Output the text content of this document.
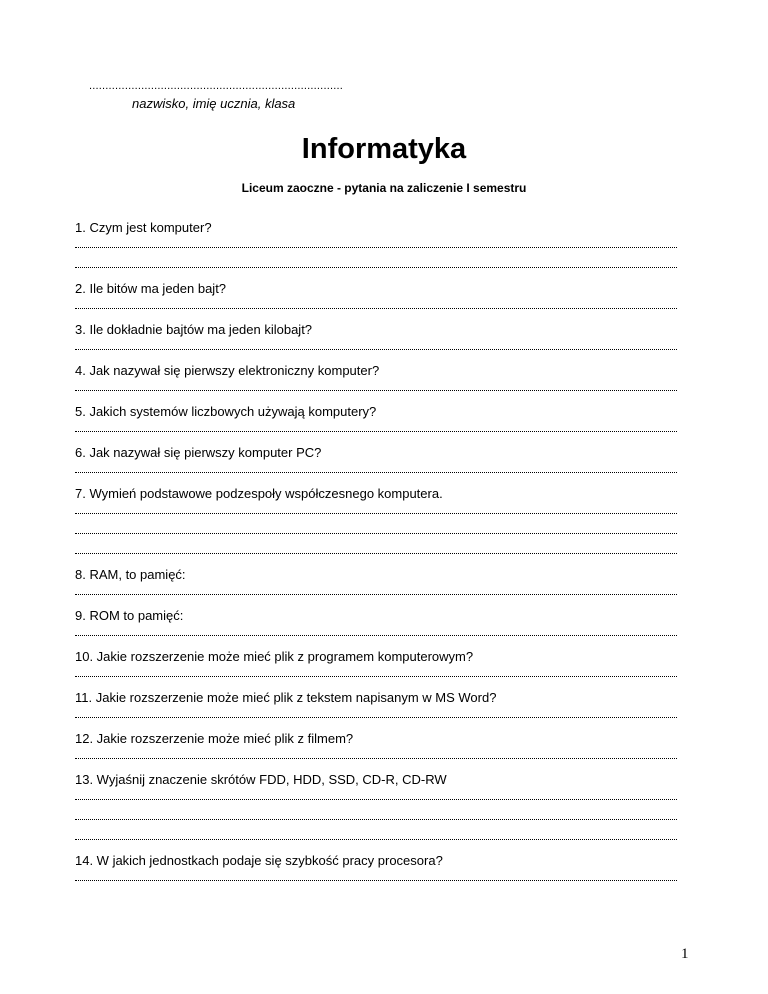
..............................................................................
nazwisko, imię ucznia, klasa
Informatyka
Liceum zaoczne - pytania na zaliczenie I semestru
1. Czym jest komputer?
2. Ile bitów ma jeden bajt?
3. Ile dokładnie bajtów ma jeden kilobajt?
4. Jak nazywał się pierwszy elektroniczny komputer?
5. Jakich systemów liczbowych używają komputery?
6. Jak nazywał się pierwszy komputer PC?
7. Wymień podstawowe podzespoły współczesnego komputera.
8. RAM, to pamięć:
9. ROM to pamięć:
10. Jakie rozszerzenie może mieć plik z programem komputerowym?
11. Jakie rozszerzenie może mieć plik z tekstem napisanym w MS Word?
12. Jakie rozszerzenie może mieć plik z filmem?
13. Wyjaśnij znaczenie skrótów FDD, HDD, SSD, CD-R, CD-RW
14. W jakich jednostkach podaje się szybkość pracy procesora?
1
